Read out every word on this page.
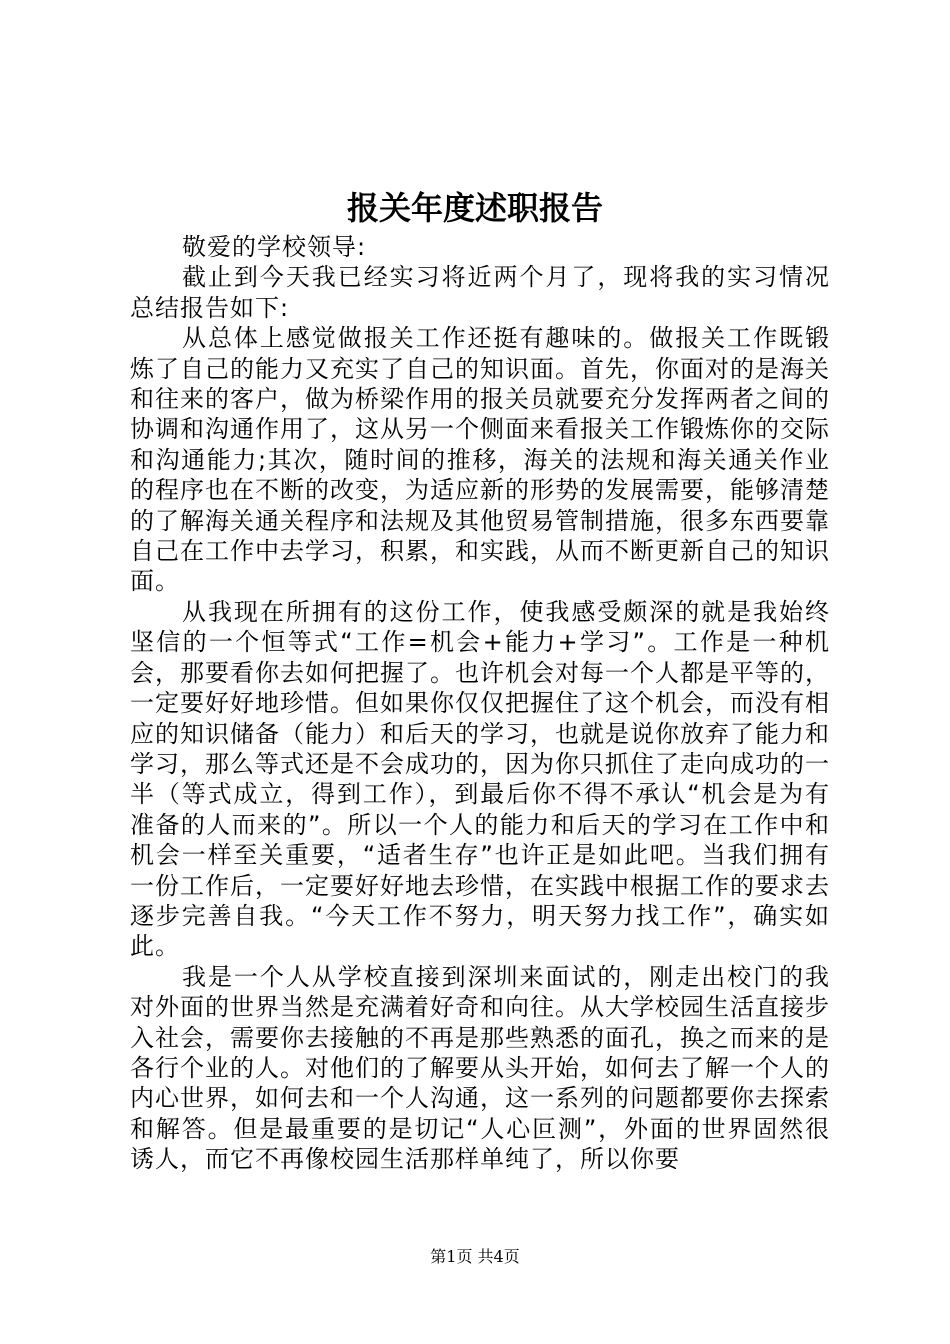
报关年度述职报告

敬爱的学校领导:

截止到今天我已经实习将近两个月了，现将我的实习情况总结报告如下:

从总体上感觉做报关工作还挺有趣味的。做报关工作既锻炼了自己的能力又充实了自己的知识面。首先，你面对的是海关和往来的客户，做为桥梁作用的报关员就要充分发挥两者之间的协调和沟通作用了，这从另一个侧面来看报关工作锻炼你的交际和沟通能力;其次，随时间的推移，海关的法规和海关通关作业的程序也在不断的改变，为适应新的形势的发展需要，能够清楚的了解海关通关程序和法规及其他贸易管制措施，很多东西要靠自己在工作中去学习，积累，和实践，从而不断更新自己的知识面。

从我现在所拥有的这份工作，使我感受颇深的就是我始终坚信的一个恒等式“工作=机会+能力+学习”。工作是一种机会，那要看你去如何把握了。也许机会对每一个人都是平等的，一定要好好地珍惜。但如果你仅仅把握住了这个机会，而没有相应的知识储备（能力）和后天的学习，也就是说你放弃了能力和学习，那么等式还是不会成功的，因为你只抓住了走向成功的一半（等式成立，得到工作），到最后你不得不承认“机会是为有准备的人而来的”。所以一个人的能力和后天的学习在工作中和机会一样至关重要，“适者生存”也许正是如此吧。当我们拥有一份工作后，一定要好好地去珍惜，在实践中根据工作的要求去逐步完善自我。“今天工作不努力，明天努力找工作”，确实如此。

我是一个人从学校直接到深圳来面试的，刚走出校门的我对外面的世界当然是充满着好奇和向往。从大学校园生活直接步入社会，需要你去接触的不再是那些熟悉的面孔，换之而来的是各行个业的人。对他们的了解要从头开始，如何去了解一个人的内心世界，如何去和一个人沟通，这一系列的问题都要你去探索和解答。但是最重要的是切记“人心叵测”，外面的世界固然很诱人，而它不再像校园生活那样单纯了，所以你要

第1页 共4页
